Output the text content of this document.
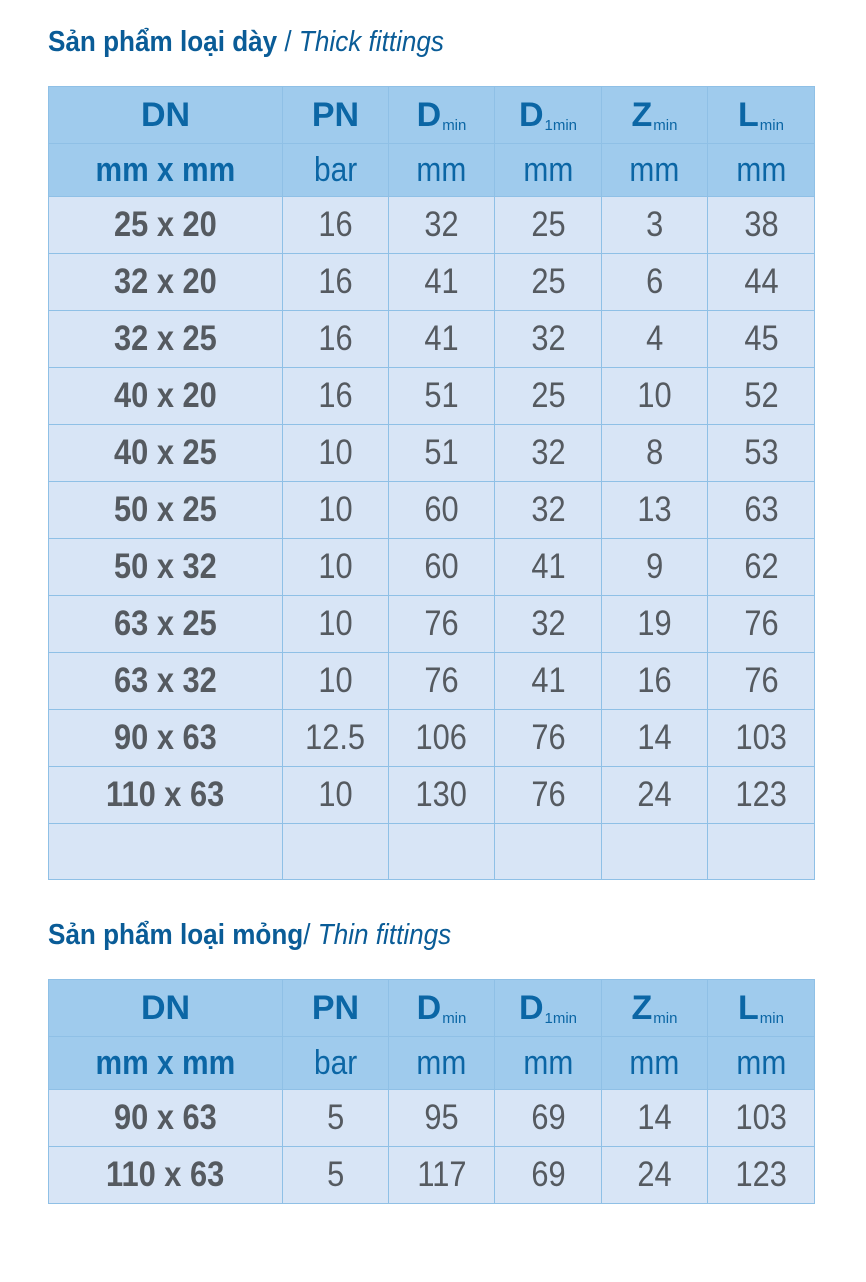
Sản phẩm loại dày / Thick fittings
DN	PN	$D_{min}$	$D_{1min}$	$Z_{min}$	$L_{min}$
mm x mm	bar	mm	mm	mm	mm
25 x 20	16	32	25	3	38
32 x 20	16	41	25	6	44
32 x 25	16	41	32	4	45
40 x 20	16	51	25	10	52
40 x 25	10	51	32	8	53
50 x 25	10	60	32	13	63
50 x 32	10	60	41	9	62
63 x 25	10	76	32	19	76
63 x 32	10	76	41	16	76
90 x 63	12.5	106	76	14	103
110 x 63	10	130	76	24	123

Sản phẩm loại mỏng/ Thin fittings
DN	PN	$D_{min}$	$D_{1min}$	$Z_{min}$	$L_{min}$
mm x mm	bar	mm	mm	mm	mm
90 x 63	5	95	69	14	103
110 x 63	5	117	69	24	123
